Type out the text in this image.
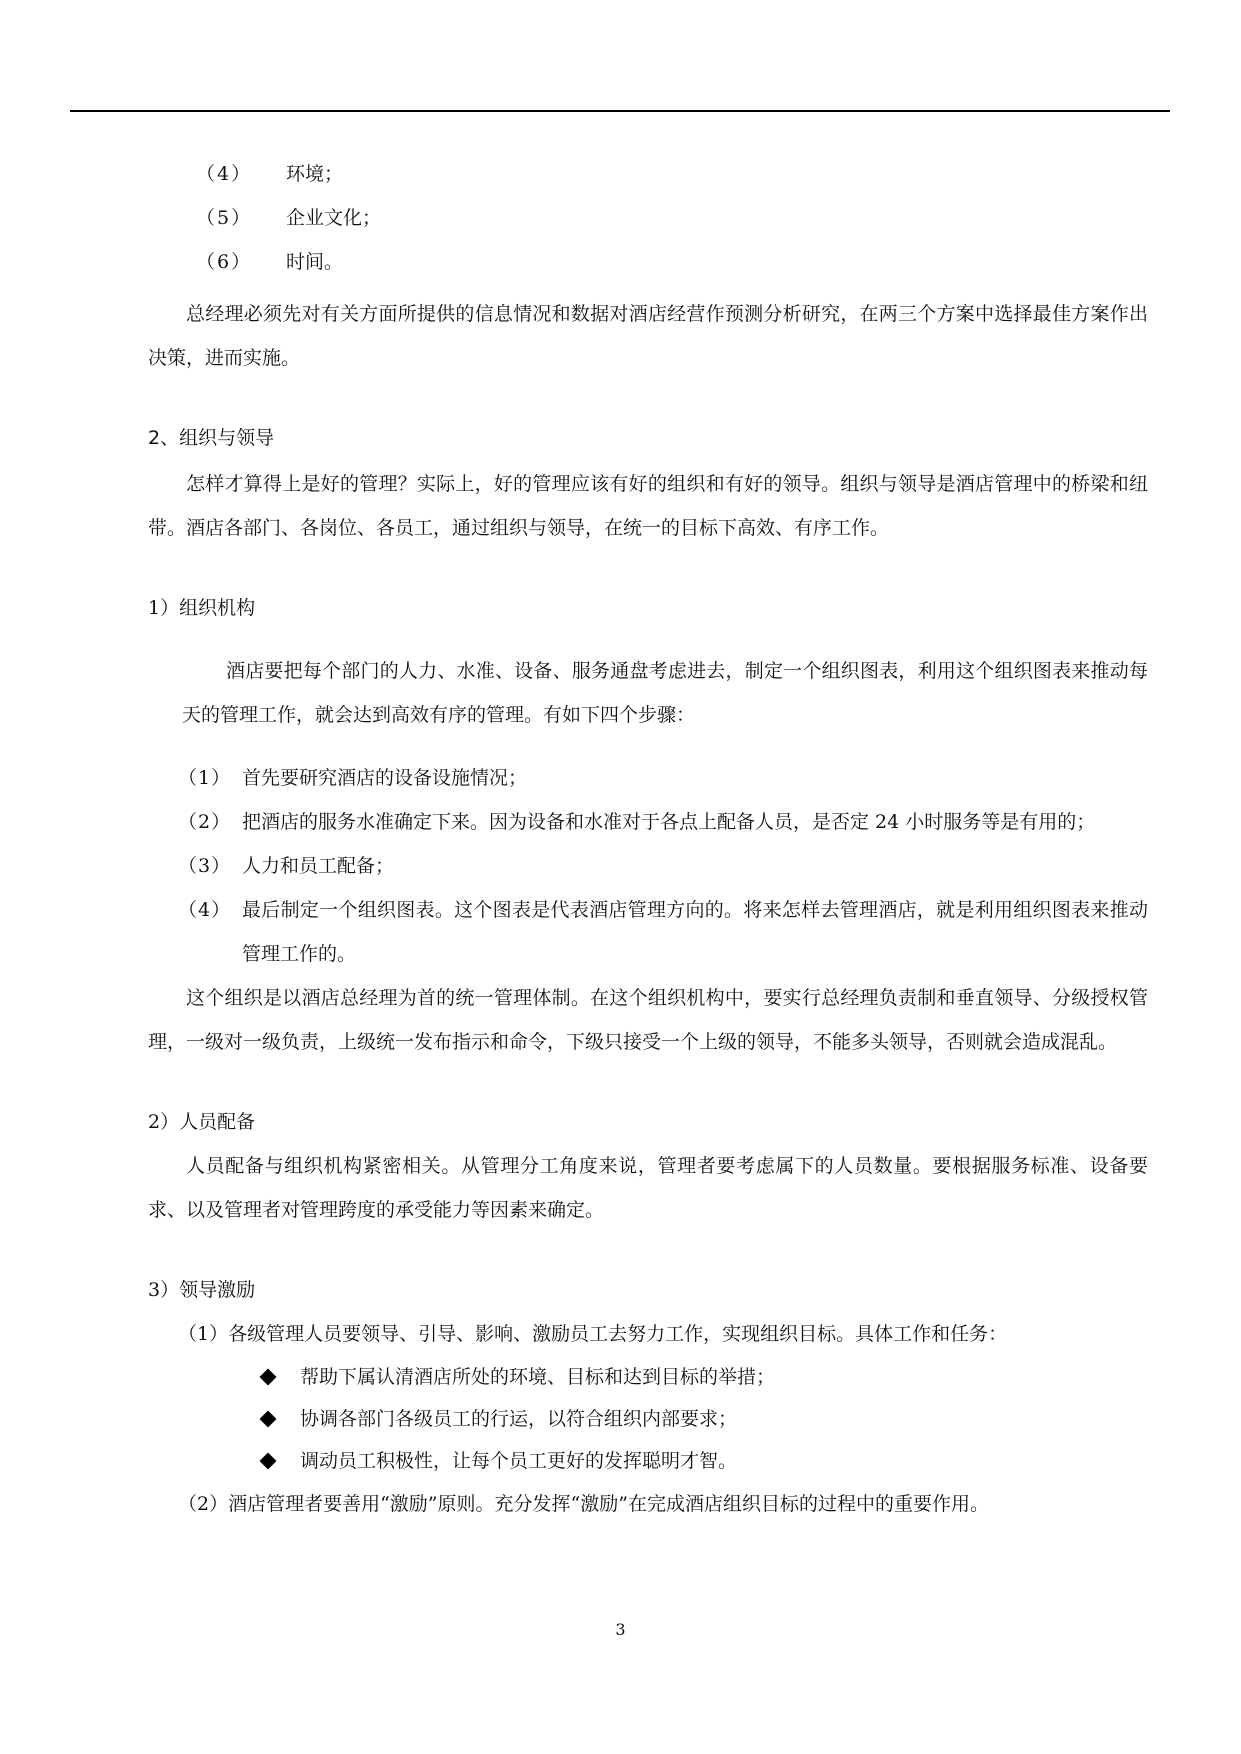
（4）	环境；
（5）	企业文化；
（6）	时间。

总经理必须先对有关方面所提供的信息情况和数据对酒店经营作预测分析研究，在两三个方案中选择最佳方案作出决策，进而实施。

2、组织与领导

怎样才算得上是好的管理？实际上，好的管理应该有好的组织和有好的领导。组织与领导是酒店管理中的桥梁和纽带。酒店各部门、各岗位、各员工，通过组织与领导，在统一的目标下高效、有序工作。

1）组织机构

酒店要把每个部门的人力、水准、设备、服务通盘考虑进去，制定一个组织图表，利用这个组织图表来推动每天的管理工作，就会达到高效有序的管理。有如下四个步骤：

（1） 首先要研究酒店的设备设施情况；
（2） 把酒店的服务水准确定下来。因为设备和水准对于各点上配备人员，是否定 24 小时服务等是有用的；
（3） 人力和员工配备；
（4） 最后制定一个组织图表。这个图表是代表酒店管理方向的。将来怎样去管理酒店，就是利用组织图表来推动管理工作的。

这个组织是以酒店总经理为首的统一管理体制。在这个组织机构中，要实行总经理负责制和垂直领导、分级授权管理，一级对一级负责，上级统一发布指示和命令，下级只接受一个上级的领导，不能多头领导，否则就会造成混乱。

2）人员配备

人员配备与组织机构紧密相关。从管理分工角度来说，管理者要考虑属下的人员数量。要根据服务标准、设备要求、以及管理者对管理跨度的承受能力等因素来确定。

3）领导激励
（1）各级管理人员要领导、引导、影响、激励员工去努力工作，实现组织目标。具体工作和任务：
帮助下属认清酒店所处的环境、目标和达到目标的举措；
协调各部门各级员工的行运，以符合组织内部要求；
调动员工积极性，让每个员工更好的发挥聪明才智。
（2）酒店管理者要善用“激励”原则。充分发挥“激励”在完成酒店组织目标的过程中的重要作用。
3
